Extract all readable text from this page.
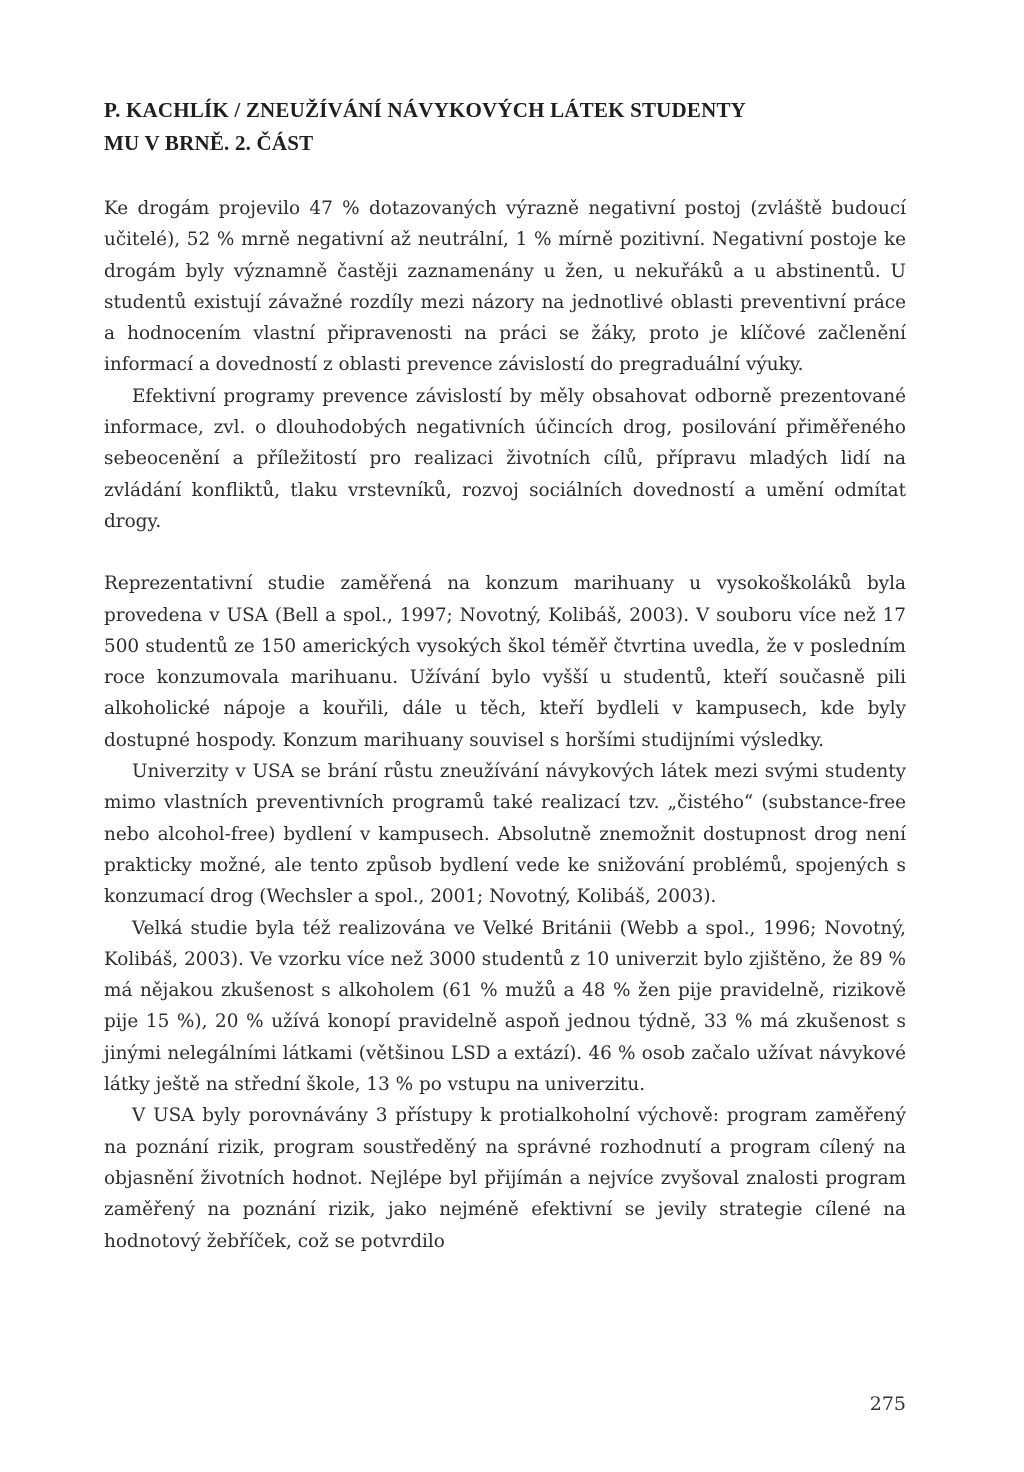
P. KACHLÍK / ZNEUŽÍVÁNÍ NÁVYKOVÝCH LÁTEK STUDENTY
MU V BRNĚ. 2. ČÁST

Ke drogám projevilo 47 % dotazovaných výrazně negativní postoj (zvláště budoucí učitelé), 52 % mrně negativní až neutrální, 1 % mírně pozitivní. Negativní postoje ke drogám byly významně častěji zaznamenány u žen, u nekuřáků a u abstinentů. U studentů existují závažné rozdíly mezi názory na jednotlivé oblasti preventivní práce a hodnocením vlastní připravenosti na práci se žáky, proto je klíčové začlenění informací a dovedností z oblasti prevence závislostí do pregraduální výuky.

Efektivní programy prevence závislostí by měly obsahovat odborně prezentované informace, zvl. o dlouhodobých negativních účincích drog, posilování přiměřeného sebeocenění a příležitostí pro realizaci životních cílů, přípravu mladých lidí na zvládání konfliktů, tlaku vrstevníků, rozvoj sociálních dovedností a umění odmítat drogy.

Reprezentativní studie zaměřená na konzum marihuany u vysokoškoláků byla provedena v USA (Bell a spol., 1997; Novotný, Kolibáš, 2003). V souboru více než 17 500 studentů ze 150 amerických vysokých škol téměř čtvrtina uvedla, že v posledním roce konzumovala marihuanu. Užívání bylo vyšší u studentů, kteří současně pili alkoholické nápoje a kouřili, dále u těch, kteří bydleli v kampusech, kde byly dostupné hospody. Konzum marihuany souvisel s horšími studijními výsledky.

Univerzity v USA se brání růstu zneužívání návykových látek mezi svými studenty mimo vlastních preventivních programů také realizací tzv. „čistého“ (substance-free nebo alcohol-free) bydlení v kampusech. Absolutně znemožnit dostupnost drog není prakticky možné, ale tento způsob bydlení vede ke snižování problémů, spojených s konzumací drog (Wechsler a spol., 2001; Novotný, Kolibáš, 2003).

Velká studie byla též realizována ve Velké Británii (Webb a spol., 1996; Novotný, Kolibáš, 2003). Ve vzorku více než 3000 studentů z 10 univerzit bylo zjištěno, že 89 % má nějakou zkušenost s alkoholem (61 % mužů a 48 % žen pije pravidelně, rizikově pije 15 %), 20 % užívá konopí pravidelně aspoň jednou týdně, 33 % má zkušenost s jinými nelegálními látkami (většinou LSD a extází). 46 % osob začalo užívat návykové látky ještě na střední škole, 13 % po vstupu na univerzitu.

V USA byly porovnávány 3 přístupy k protialkoholní výchově: program zaměřený na poznání rizik, program soustředěný na správné rozhodnutí a program cílený na objasnění životních hodnot. Nejlépe byl přijímán a nejvíce zvyšoval znalosti program zaměřený na poznání rizik, jako nejméně efektivní se jevily strategie cílené na hodnotový žebříček, což se potvrdilo

275
